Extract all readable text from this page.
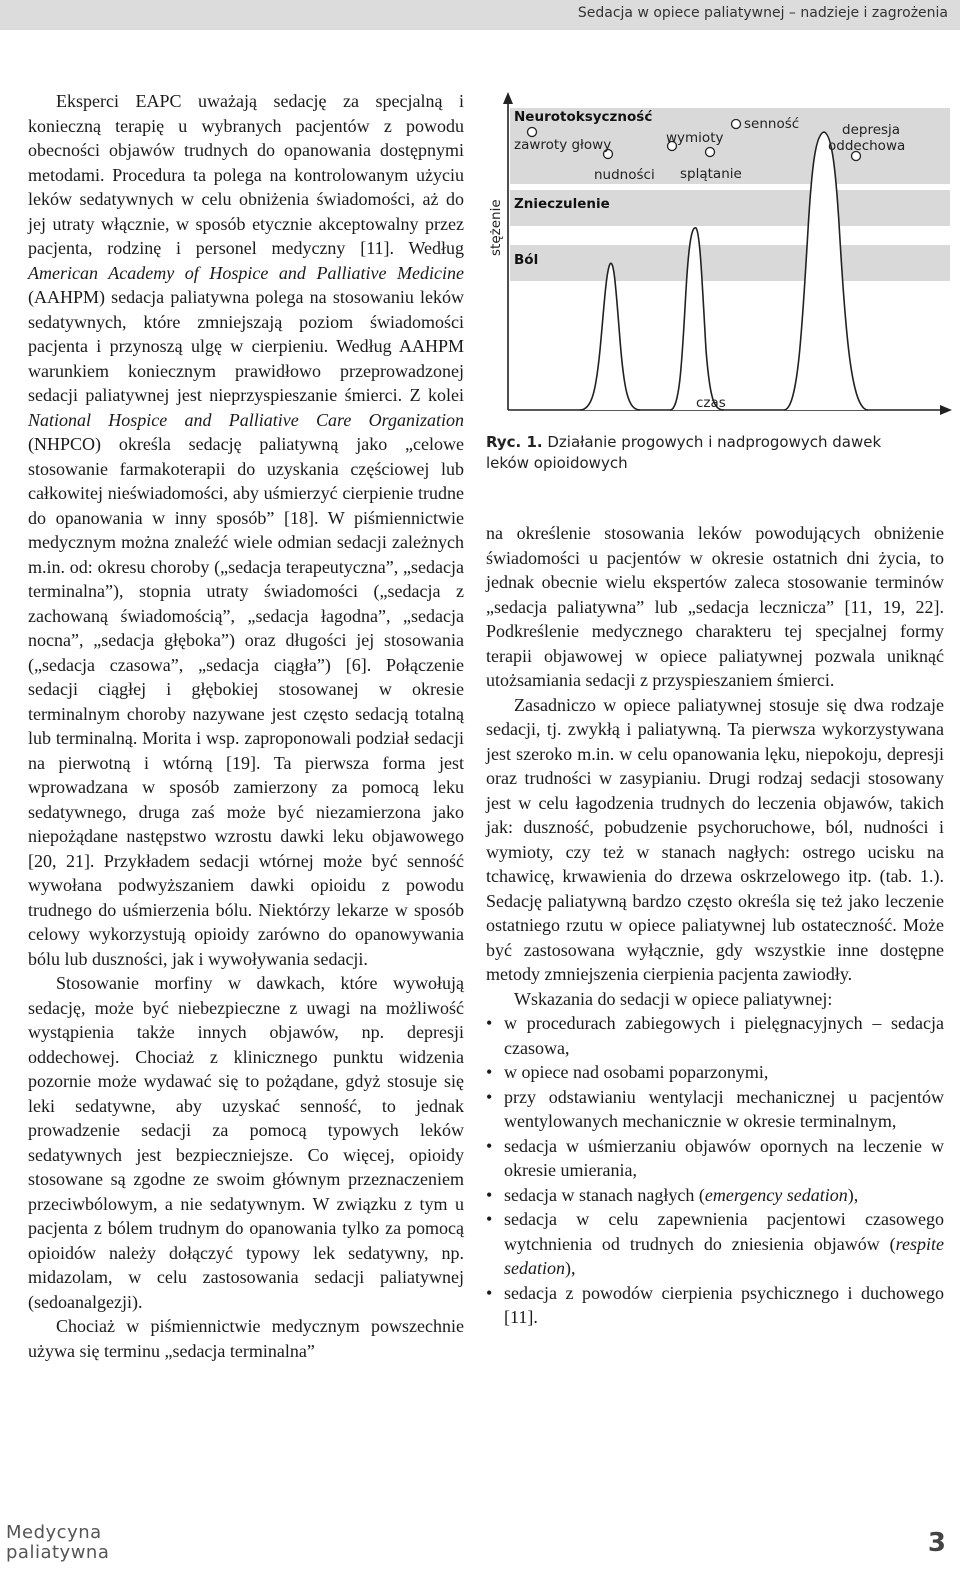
Sedacja w opiece paliatywnej – nadzieje i zagrożenia

Eksperci EAPC uważają sedację za specjalną i konieczną terapię u wybranych pacjentów z powodu obecności objawów trudnych do opanowania dostępnymi metodami. Procedura ta polega na kontrolowanym użyciu leków sedatywnych w celu obniżenia świadomości, aż do jej utraty włącznie, w sposób etycznie akceptowalny przez pacjenta, rodzinę i personel medyczny [11]. Według American Academy of Hospice and Palliative Medicine (AAHPM) sedacja paliatywna polega na stosowaniu leków sedatywnych, które zmniejszają poziom świadomości pacjenta i przynoszą ulgę w cierpieniu. Według AAHPM warunkiem koniecznym prawidłowo przeprowadzonej sedacji paliatywnej jest nieprzyspieszanie śmierci. Z kolei National Hospice and Palliative Care Organization (NHPCO) określa sedację paliatywną jako „celowe stosowanie farmakoterapii do uzyskania częściowej lub całkowitej nieświadomości, aby uśmierzyć cierpienie trudne do opanowania w inny sposób” [18]. W piśmiennictwie medycznym można znaleźć wiele odmian sedacji zależnych m.in. od: okresu choroby („sedacja terapeutyczna”, „sedacja terminalna”), stopnia utraty świadomości („sedacja z zachowaną świadomością”, „sedacja łagodna”, „sedacja nocna”, „sedacja głęboka”) oraz długości jej stosowania („sedacja czasowa”, „sedacja ciągła”) [6]. Połączenie sedacji ciągłej i głębokiej stosowanej w okresie terminalnym choroby nazywane jest często sedacją totalną lub terminalną. Morita i wsp. zaproponowali podział sedacji na pierwotną i wtórną [19]. Ta pierwsza forma jest wprowadzana w sposób zamierzony za pomocą leku sedatywnego, druga zaś może być niezamierzona jako niepożądane następstwo wzrostu dawki leku objawowego [20, 21]. Przykładem sedacji wtórnej może być senność wywołana podwyższaniem dawki opioidu z powodu trudnego do uśmierzenia bólu. Niektórzy lekarze w sposób celowy wykorzystują opioidy zarówno do opanowywania bólu lub duszności, jak i wywoływania sedacji.

Stosowanie morfiny w dawkach, które wywołują sedację, może być niebezpieczne z uwagi na możliwość wystąpienia także innych objawów, np. depresji oddechowej. Chociaż z klinicznego punktu widzenia pozornie może wydawać się to pożądane, gdyż stosuje się leki sedatywne, aby uzyskać senność, to jednak prowadzenie sedacji za pomocą typowych leków sedatywnych jest bezpieczniejsze. Co więcej, opioidy stosowane są zgodne ze swoim głównym przeznaczeniem przeciwbólowym, a nie sedatywnym. W związku z tym u pacjenta z bólem trudnym do opanowania tylko za pomocą opioidów należy dołączyć typowy lek sedatywny, np. midazolam, w celu zastosowania sedacji paliatywnej (sedoanalgezji).

Chociaż w piśmiennictwie medycznym powszechnie używa się terminu „sedacja terminalna”

Neurotoksyczność
zawroty głowy
nudności
wymioty
splątanie
senność	depresja
oddechowa
Znieczulenie
Ból
czas
stężenie
Ryc. 1. Działanie progowych i nadprogowych dawek leków opioidowych

na określenie stosowania leków powodujących obniżenie świadomości u pacjentów w okresie ostatnich dni życia, to jednak obecnie wielu ekspertów zaleca stosowanie terminów „sedacja paliatywna” lub „sedacja lecznicza” [11, 19, 22]. Podkreślenie medycznego charakteru tej specjalnej formy terapii objawowej w opiece paliatywnej pozwala uniknąć utożsamiania sedacji z przyspieszaniem śmierci.

Zasadniczo w opiece paliatywnej stosuje się dwa rodzaje sedacji, tj. zwykłą i paliatywną. Ta pierwsza wykorzystywana jest szeroko m.in. w celu opanowania lęku, niepokoju, depresji oraz trudności w zasypianiu. Drugi rodzaj sedacji stosowany jest w celu łagodzenia trudnych do leczenia objawów, takich jak: duszność, pobudzenie psychoruchowe, ból, nudności i wymioty, czy też w stanach nagłych: ostrego ucisku na tchawicę, krwawienia do drzewa oskrzelowego itp. (tab. 1.). Sedację paliatywną bardzo często określa się też jako leczenie ostatniego rzutu w opiece paliatywnej lub ostateczność. Może być zastosowana wyłącznie, gdy wszystkie inne dostępne metody zmniejszenia cierpienia pacjenta zawiodły.

Wskazania do sedacji w opiece paliatywnej:

• w procedurach zabiegowych i pielęgnacyjnych – sedacja czasowa,
• w opiece nad osobami poparzonymi,
• przy odstawianiu wentylacji mechanicznej u pacjentów wentylowanych mechanicznie w okresie terminalnym,
• sedacja w uśmierzaniu objawów opornych na leczenie w okresie umierania,
• sedacja w stanach nagłych (emergency sedation),
• sedacja w celu zapewnienia pacjentowi czasowego wytchnienia od trudnych do zniesienia objawów (respite sedation),
• sedacja z powodów cierpienia psychicznego i duchowego [11].
Medycyna
paliatywna	3
